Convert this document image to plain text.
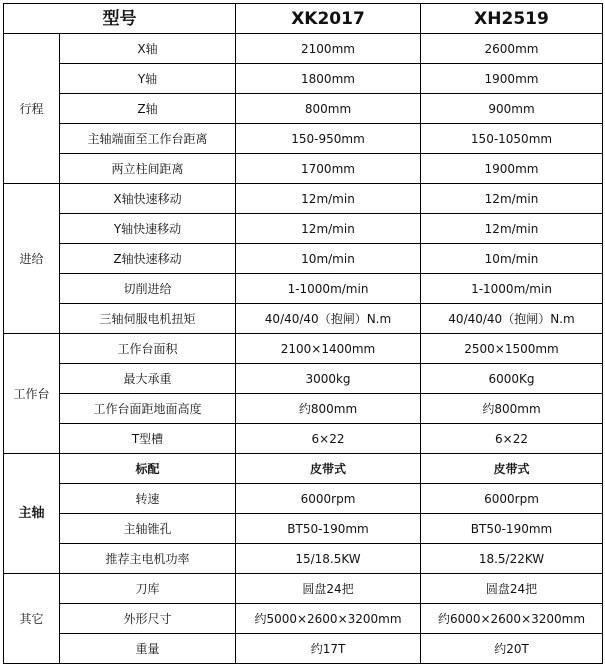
型号		XK2017	XH2519
行程	X轴	2100mm	2600mm
	Y轴	1800mm	1900mm
	Z轴	800mm	900mm
	主轴端面至工作台距离	150-950mm	150-1050mm
	两立柱间距离	1700mm	1900mm
进给	X轴快速移动	12m/min	12m/min
	Y轴快速移动	12m/min	12m/min
	Z轴快速移动	10m/min	10m/min
	切削进给	1-1000m/min	1-1000m/min
	三轴伺服电机扭矩	40/40/40（抱闸）N.m	40/40/40（抱闸）N.m
工作台	工作台面积	2100×1400mm	2500×1500mm
	最大承重	3000kg	6000Kg
	工作台面距地面高度	约800mm	约800mm
	T型槽	6×22	6×22
主轴	标配	皮带式	皮带式
	转速	6000rpm	6000rpm
	主轴锥孔	BT50-190mm	BT50-190mm
	推荐主电机功率	15/18.5KW	18.5/22KW
其它	刀库	圆盘24把	圆盘24把
	外形尺寸	约5000×2600×3200mm	约6000×2600×3200mm
	重量	约17T	约20T
